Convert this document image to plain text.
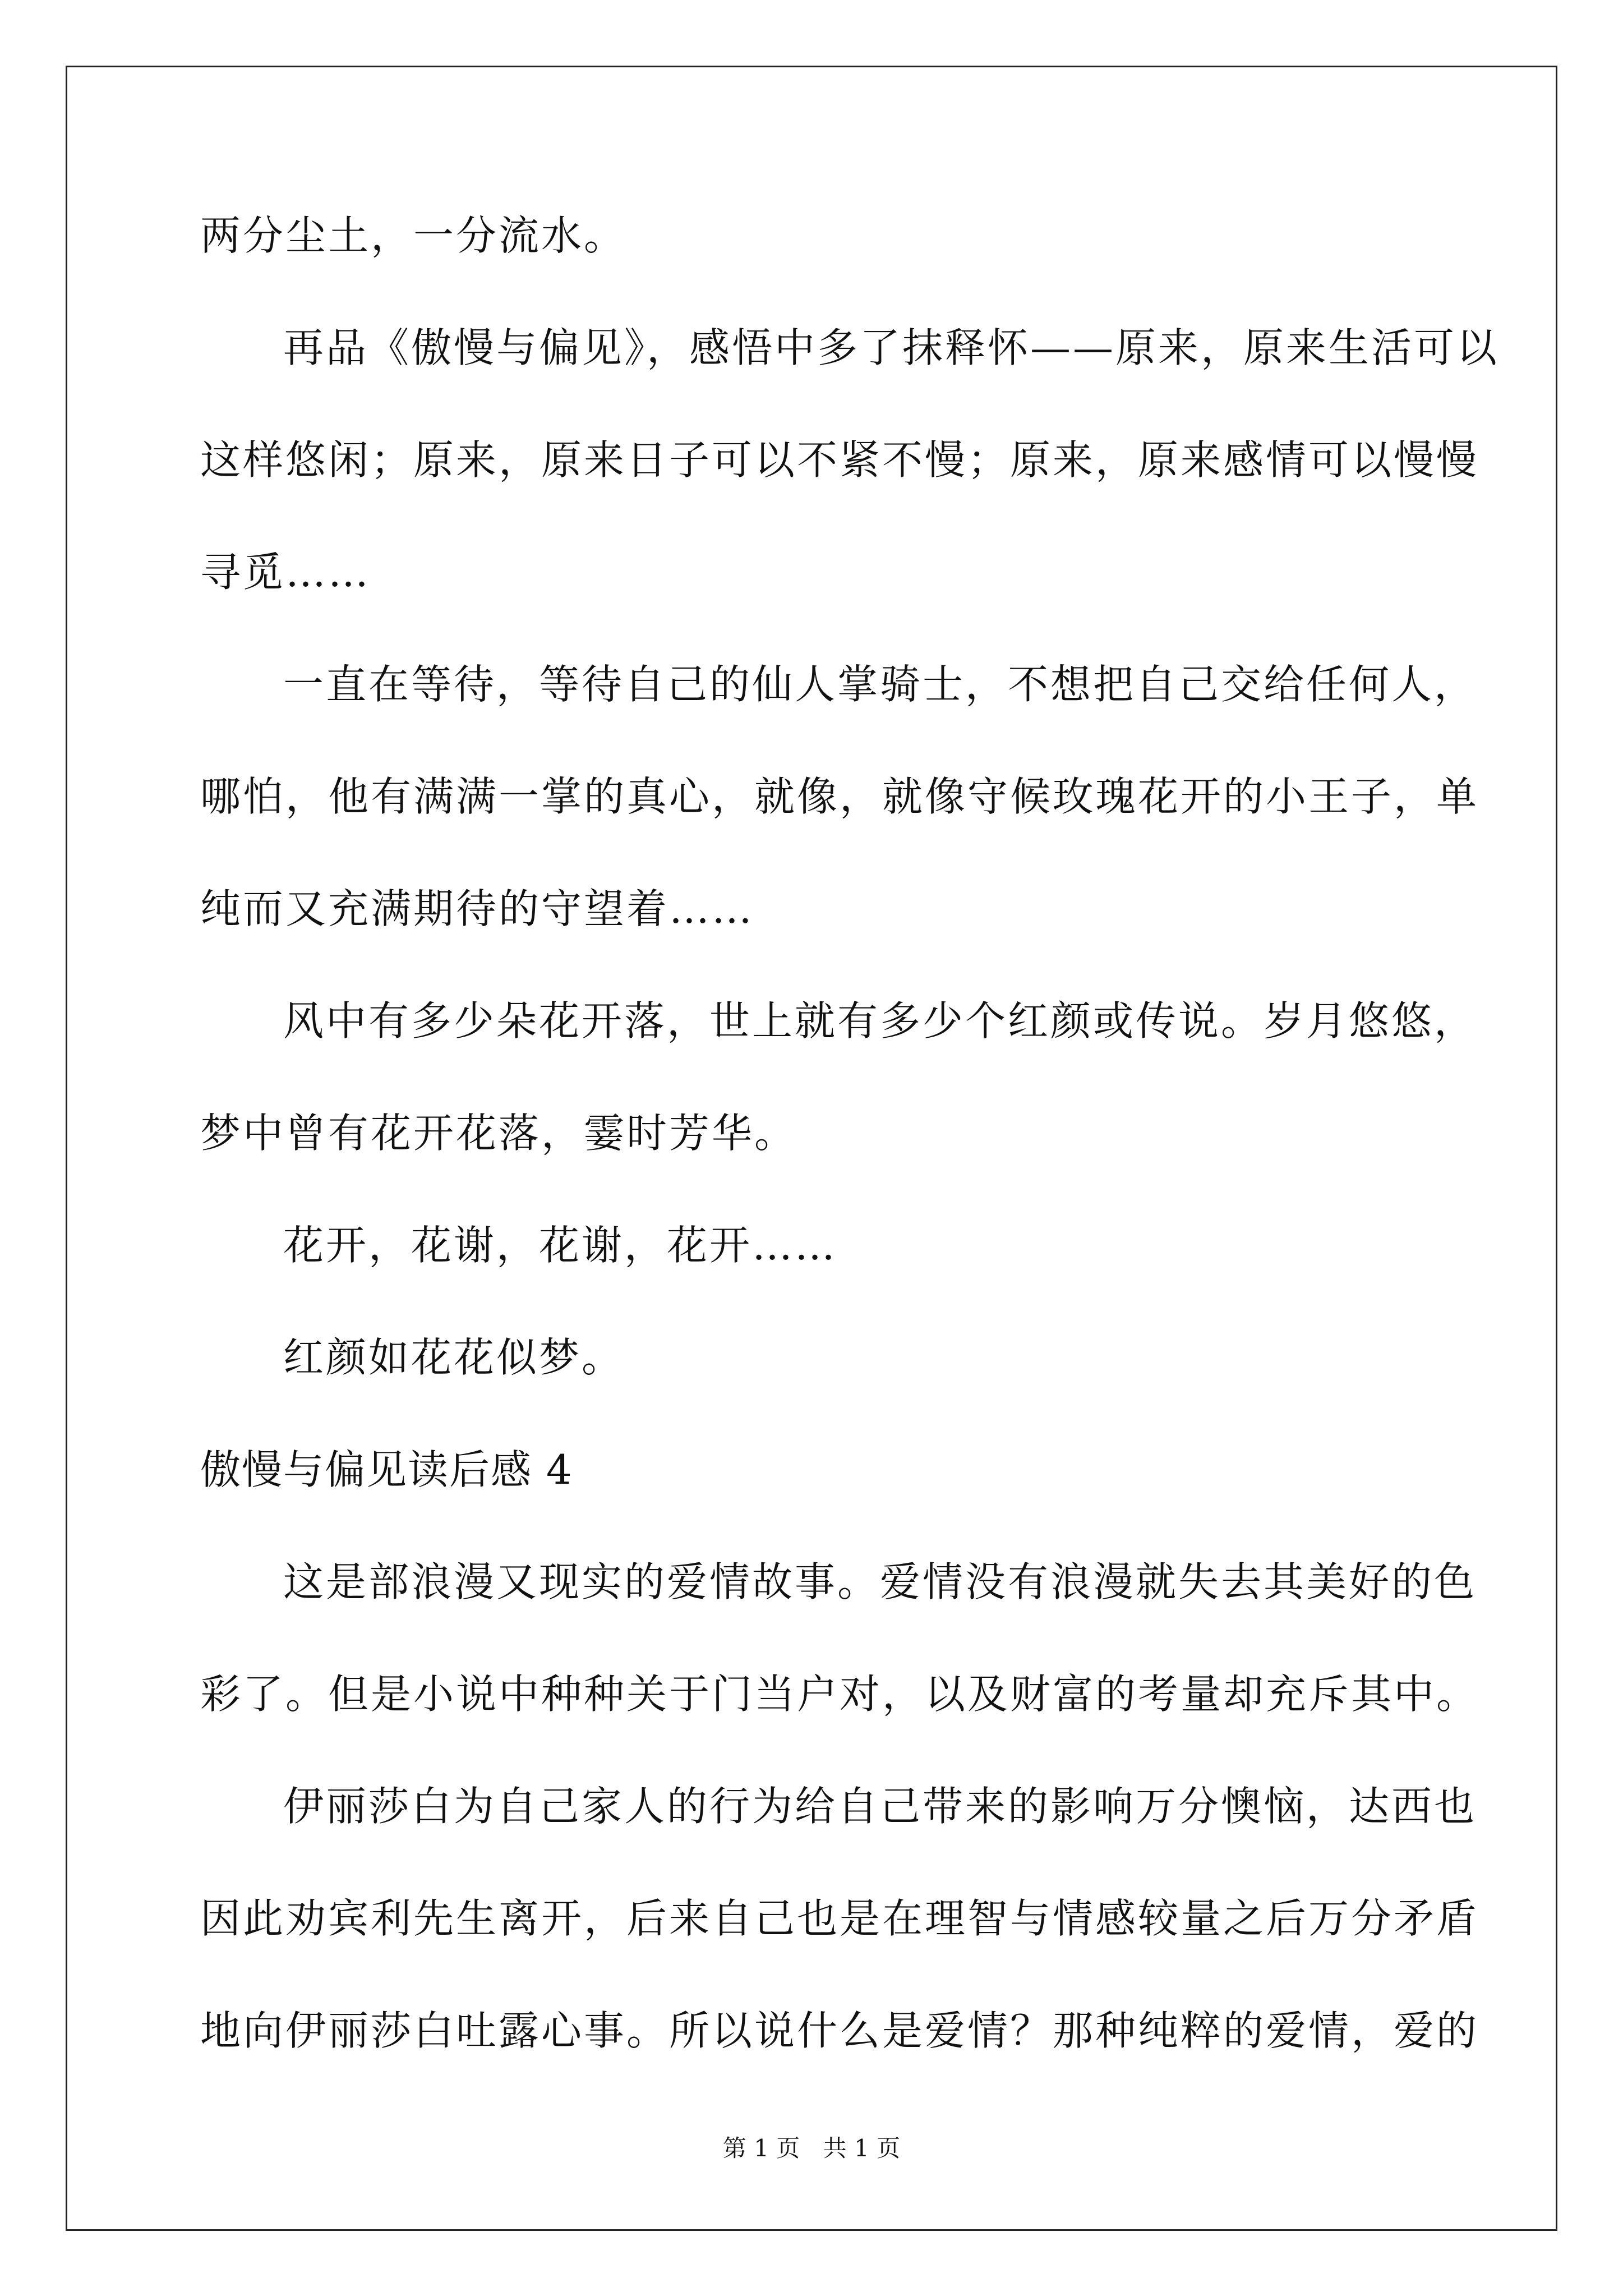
两分尘土，一分流水。
再品《傲慢与偏见》，感悟中多了抹释怀——原来，原来生活可以
这样悠闲；原来，原来日子可以不紧不慢；原来，原来感情可以慢慢
寻觅……
一直在等待，等待自己的仙人掌骑士，不想把自己交给任何人，
哪怕，他有满满一掌的真心，就像，就像守候玫瑰花开的小王子，单
纯而又充满期待的守望着……
风中有多少朵花开落，世上就有多少个红颜或传说。岁月悠悠，
梦中曾有花开花落，霎时芳华。
花开，花谢，花谢，花开……
红颜如花花似梦。
傲慢与偏见读后感 4
这是部浪漫又现实的爱情故事。爱情没有浪漫就失去其美好的色
彩了。但是小说中种种关于门当户对，以及财富的考量却充斥其中。
伊丽莎白为自己家人的行为给自己带来的影响万分懊恼，达西也
因此劝宾利先生离开，后来自己也是在理智与情感较量之后万分矛盾
地向伊丽莎白吐露心事。所以说什么是爱情？那种纯粹的爱情，爱的
第 1 页 共 1 页
